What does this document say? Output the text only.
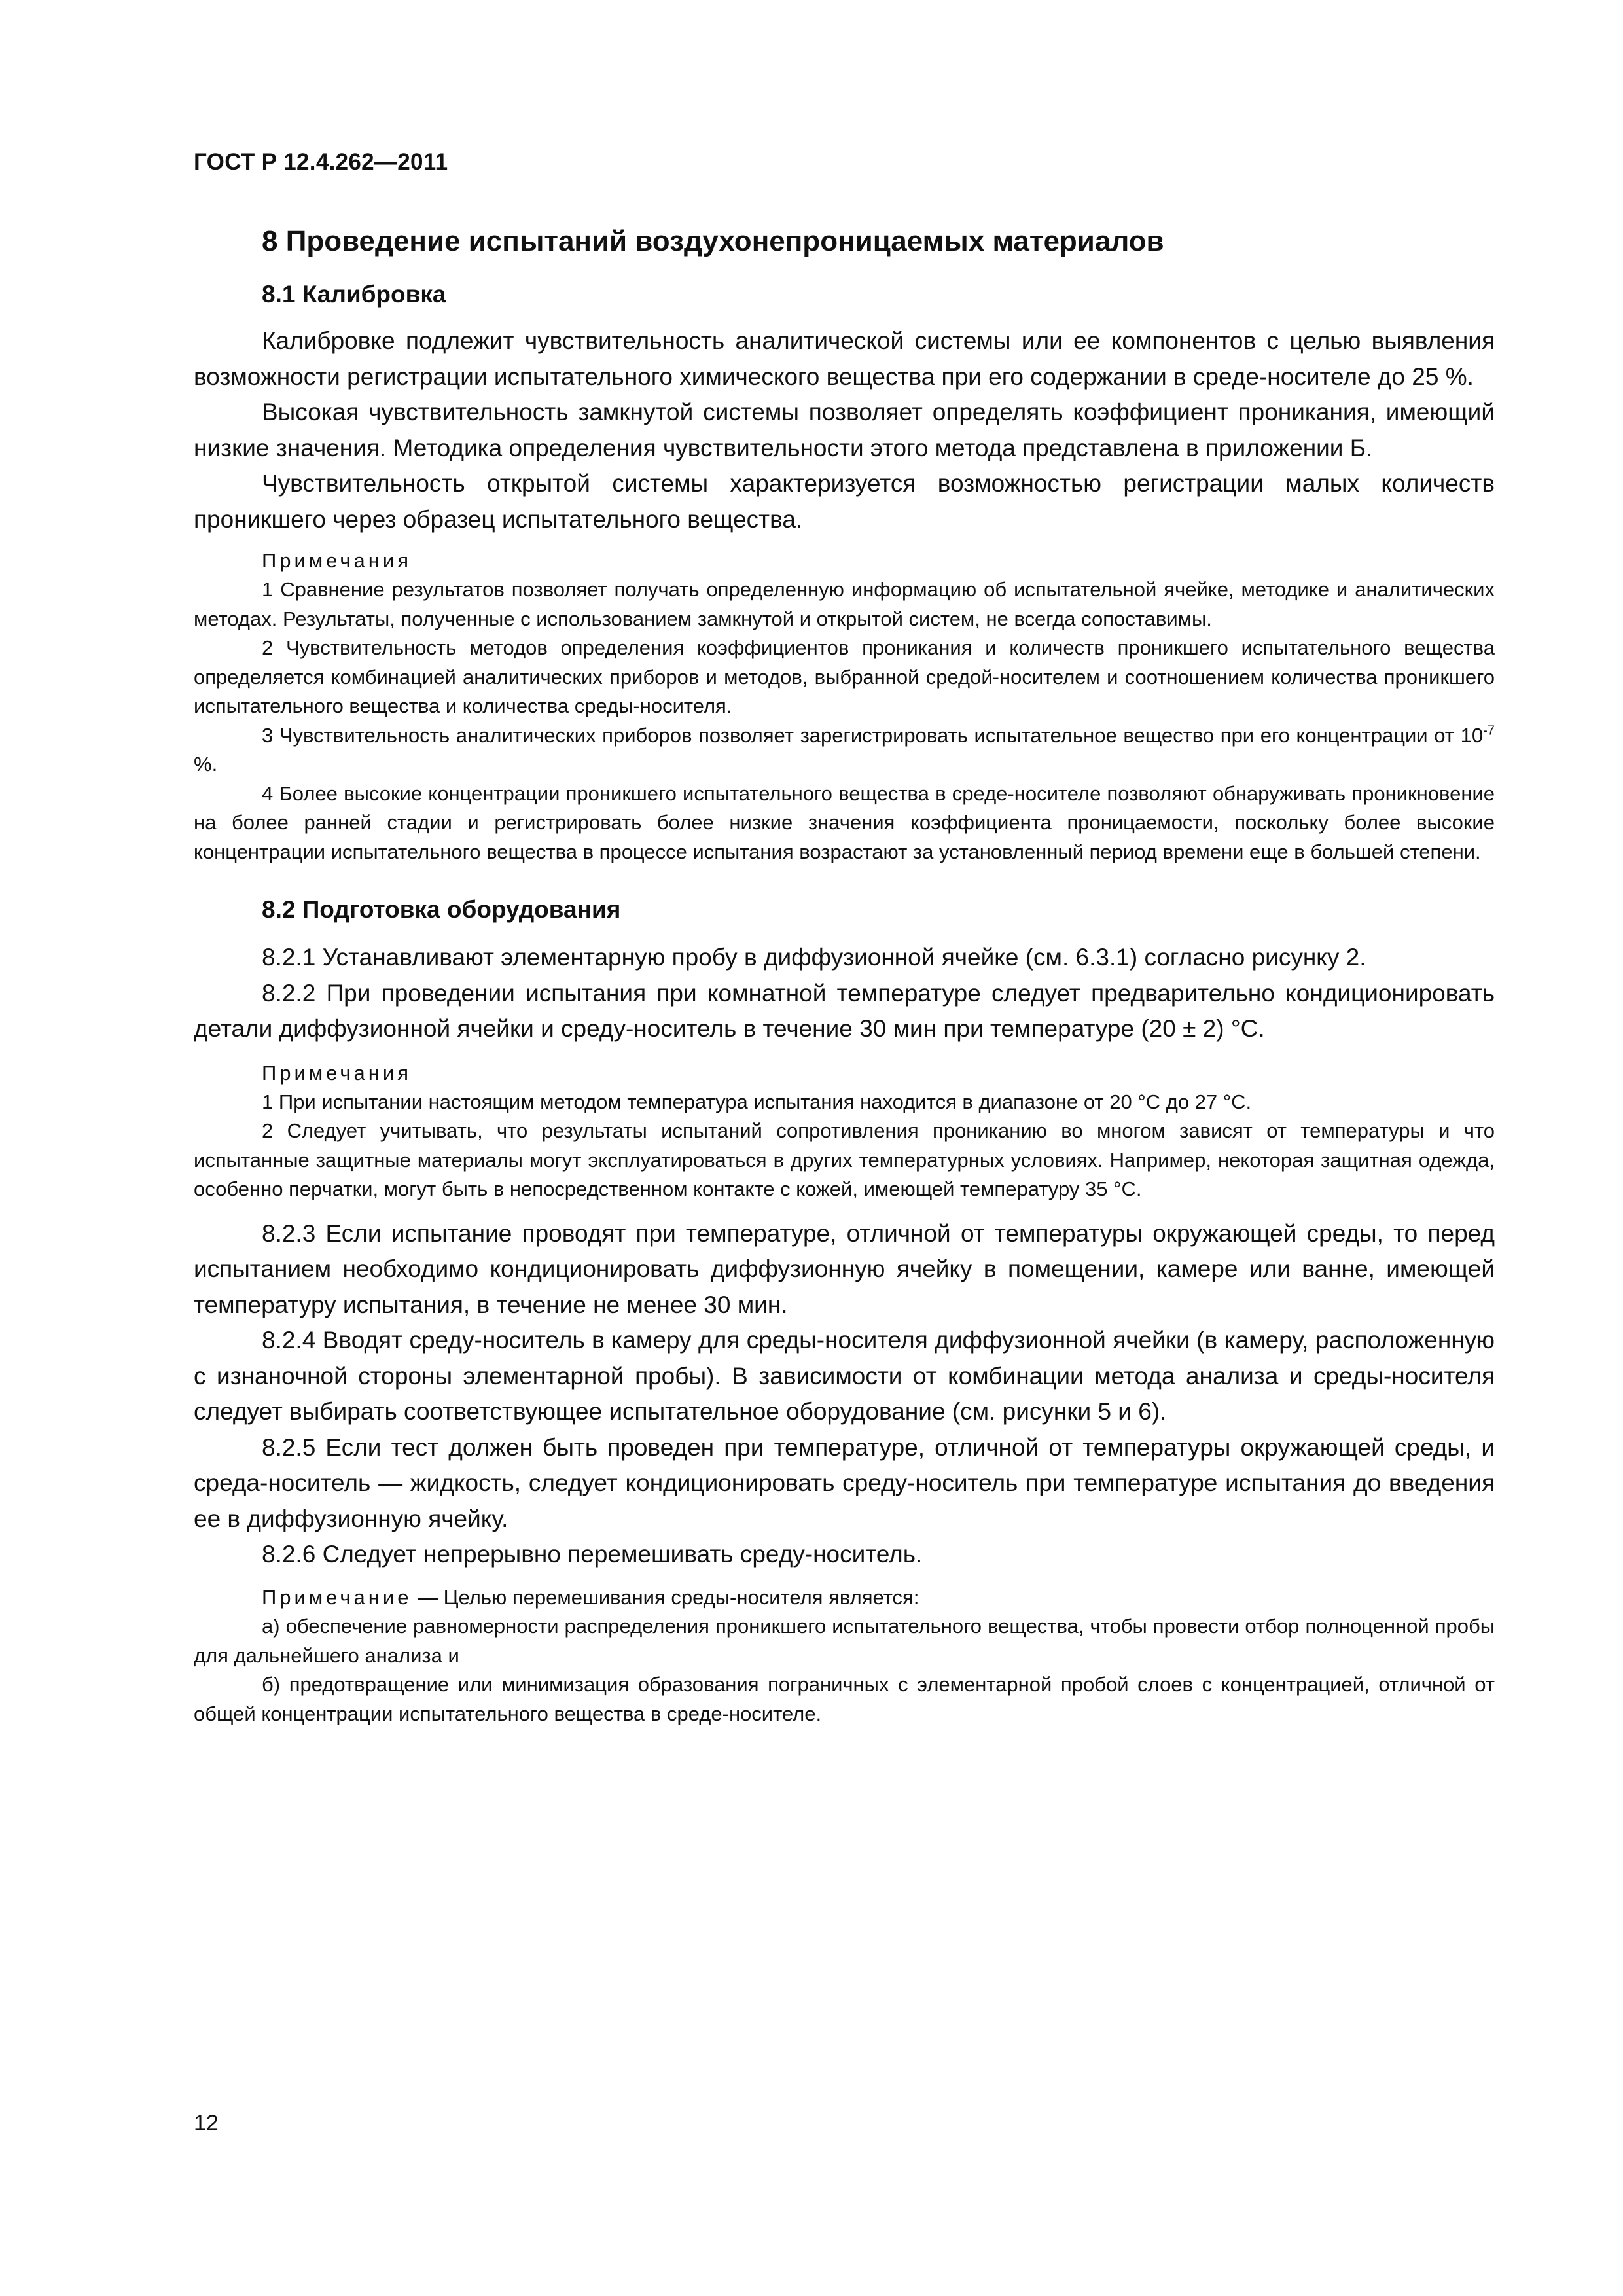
ГОСТ Р 12.4.262—2011
8 Проведение испытаний воздухонепроницаемых материалов
8.1 Калибровка

Калибровке подлежит чувствительность аналитической системы или ее компонентов с целью выявления возможности регистрации испытательного химического вещества при его содержании в среде-носителе до 25 %.

Высокая чувствительность замкнутой системы позволяет определять коэффициент проникания, имеющий низкие значения. Методика определения чувствительности этого метода представлена в приложении Б.

Чувствительность открытой системы характеризуется возможностью регистрации малых количеств проникшего через образец испытательного вещества.

Примечания

1 Сравнение результатов позволяет получать определенную информацию об испытательной ячейке, методике и аналитических методах. Результаты, полученные с использованием замкнутой и открытой систем, не всегда сопоставимы.

2 Чувствительность методов определения коэффициентов проникания и количеств проникшего испытательного вещества определяется комбинацией аналитических приборов и методов, выбранной средой-носителем и соотношением количества проникшего испытательного вещества и количества среды-носителя.

3 Чувствительность аналитических приборов позволяет зарегистрировать испытательное вещество при его концентрации от $10^{-7}$ %.

4 Более высокие концентрации проникшего испытательного вещества в среде-носителе позволяют обнаруживать проникновение на более ранней стадии и регистрировать более низкие значения коэффициента проницаемости, поскольку более высокие концентрации испытательного вещества в процессе испытания возрастают за установленный период времени еще в большей степени.

8.2 Подготовка оборудования

8.2.1 Устанавливают элементарную пробу в диффузионной ячейке (см. 6.3.1) согласно рисунку 2.

8.2.2 При проведении испытания при комнатной температуре следует предварительно кондиционировать детали диффузионной ячейки и среду-носитель в течение 30 мин при температуре (20 ± 2) °С.

Примечания

1 При испытании настоящим методом температура испытания находится в диапазоне от 20 °С до 27 °С.

2 Следует учитывать, что результаты испытаний сопротивления прониканию во многом зависят от температуры и что испытанные защитные материалы могут эксплуатироваться в других температурных условиях. Например, некоторая защитная одежда, особенно перчатки, могут быть в непосредственном контакте с кожей, имеющей температуру 35 °С.

8.2.3 Если испытание проводят при температуре, отличной от температуры окружающей среды, то перед испытанием необходимо кондиционировать диффузионную ячейку в помещении, камере или ванне, имеющей температуру испытания, в течение не менее 30 мин.

8.2.4 Вводят среду-носитель в камеру для среды-носителя диффузионной ячейки (в камеру, расположенную с изнаночной стороны элементарной пробы). В зависимости от комбинации метода анализа и среды-носителя следует выбирать соответствующее испытательное оборудование (см. рисунки 5 и 6).

8.2.5 Если тест должен быть проведен при температуре, отличной от температуры окружающей среды, и среда-носитель — жидкость, следует кондиционировать среду-носитель при температуре испытания до введения ее в диффузионную ячейку.

8.2.6 Следует непрерывно перемешивать среду-носитель.

Примечание — Целью перемешивания среды-носителя является:

а) обеспечение равномерности распределения проникшего испытательного вещества, чтобы провести отбор полноценной пробы для дальнейшего анализа и

б) предотвращение или минимизация образования пограничных с элементарной пробой слоев с концентрацией, отличной от общей концентрации испытательного вещества в среде-носителе.

12
